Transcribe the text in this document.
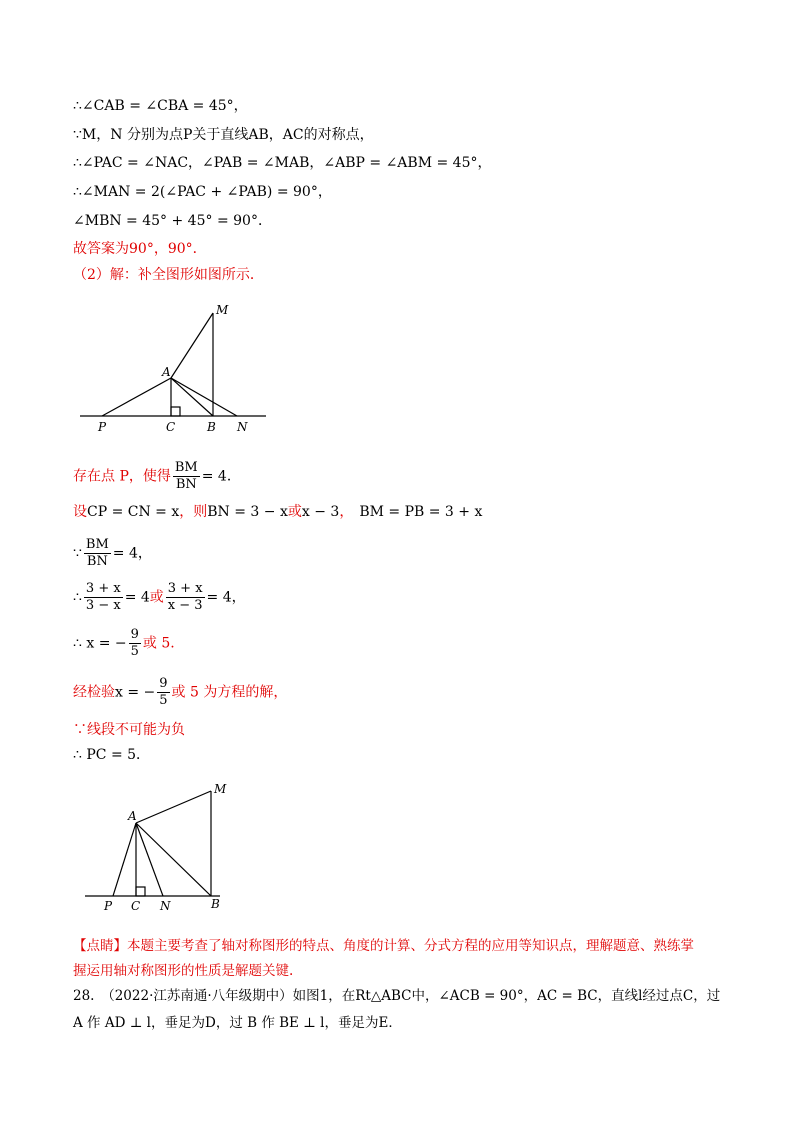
∴∠CAB = ∠CBA = 45°，
∵M，N 分别为点P关于直线AB，AC的对称点，
∴∠PAC = ∠NAC，∠PAB = ∠MAB，∠ABP = ∠ABM = 45°，
∴∠MAN = 2(∠PAC + ∠PAB) = 90°，
∠MBN = 45° + 45° = 90°．
故答案为90°，90°．
（2）解：补全图形如图所示．
M
A
P	C	B N
存在点 P，使得 $\frac{BM}{BN} = 4$．
设CP = CN = x，则BN = 3 − x或x − 3， BM = PB = 3 + x
∵ $\frac{BM}{BN} = 4$，
∴ $\frac{3 + x}{3 - x} = 4$或 $\frac{3 + x}{x - 3} = 4$，
∴ x = − $\frac{9}{5}$ 或 5.
经检验x = − $\frac{9}{5}$ 或 5 为方程的解，
∵线段不可能为负
∴ PC = 5．
M
A
P C N	B
【点睛】本题主要考查了轴对称图形的特点、角度的计算、分式方程的应用等知识点，理解题意、熟练掌
握运用轴对称图形的性质是解题关键.
28.　（2022·江苏南通·八年级期中）如图1，在Rt△ABC中，∠ACB = 90°，AC = BC，直线l经过点C，过
A 作 AD ⊥ l，垂足为D，过 B 作 BE ⊥ l，垂足为E．
